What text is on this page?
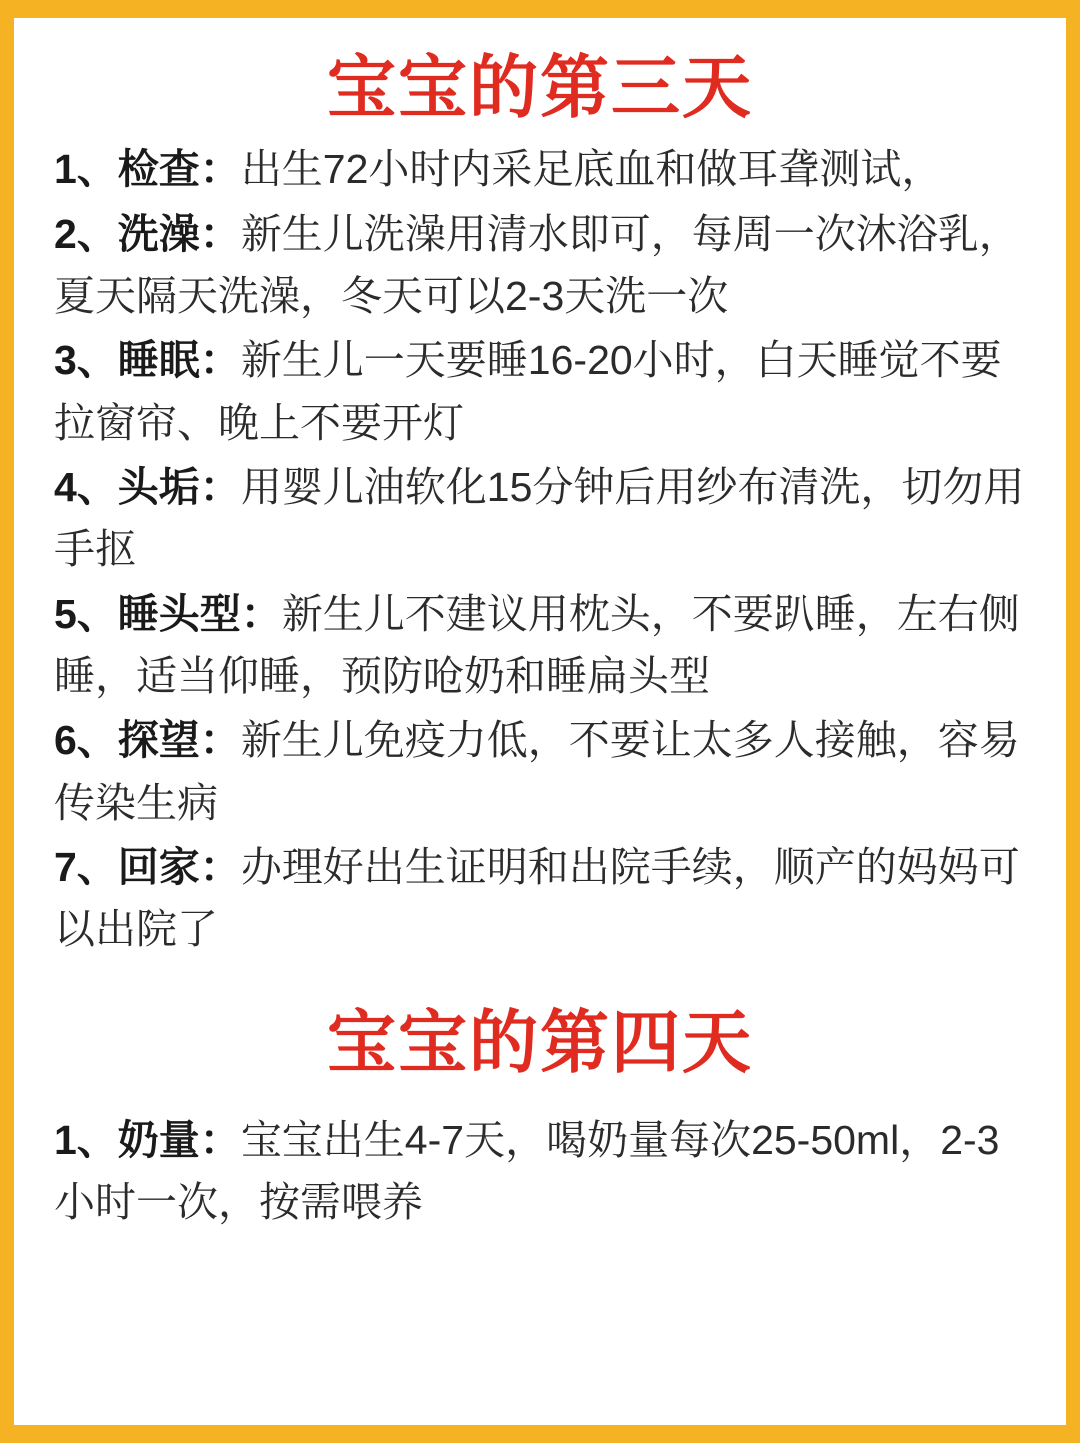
宝宝的第三天

1、检查：出生72小时内采足底血和做耳聋测试，

2、洗澡：新生儿洗澡用清水即可，每周一次沐浴乳，夏天隔天洗澡，冬天可以2-3天洗一次

3、睡眠：新生儿一天要睡16-20小时，白天睡觉不要拉窗帘、晚上不要开灯

4、头垢：用婴儿油软化15分钟后用纱布清洗，切勿用手抠

5、睡头型：新生儿不建议用枕头，不要趴睡，左右侧睡，适当仰睡，预防呛奶和睡扁头型

6、探望：新生儿免疫力低，不要让太多人接触，容易传染生病

7、回家：办理好出生证明和出院手续，顺产的妈妈可以出院了

宝宝的第四天

1、奶量：宝宝出生4-7天，喝奶量每次25-50ml，2-3小时一次，按需喂养
